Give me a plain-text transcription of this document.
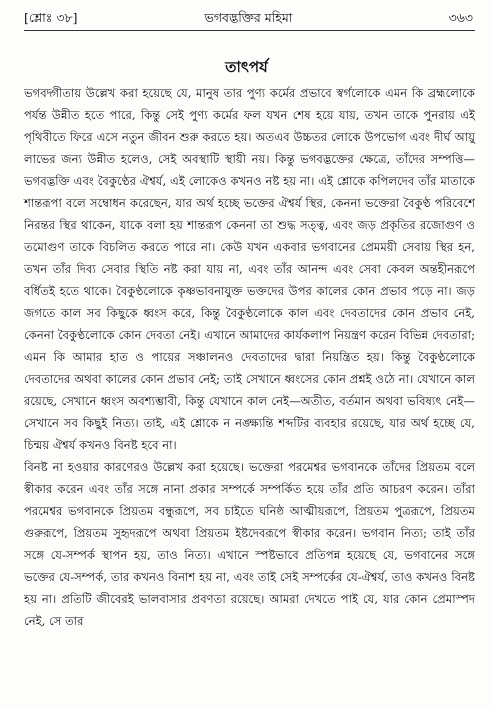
[শ্লোঃ ৩৮]	ভগবদ্ভক্তির মহিমা	৩৬৩
তাৎপর্য

ভগবদ্গীতায় উল্লেখ করা হয়েছে যে, মানুষ তার পুণ্য কর্মের প্রভাবে স্বর্গলোকে এমন কি ব্রহ্মলোকে পর্যন্ত উন্নীত হতে পারে, কিন্তু সেই পুণ্য কর্মের ফল যখন শেষ হয়ে যায়, তখন তাকে পুনরায় এই পৃথিবীতে ফিরে এসে নতুন জীবন শুরু করতে হয়। অতএব উচ্চতর লোকে উপভোগ এবং দীর্ঘ আয়ু লাভের জন্য উন্নীত হলেও, সেই অবস্থাটি স্থায়ী নয়। কিন্তু ভগবদ্ভক্তের ক্ষেত্রে, তাঁদের সম্পত্তি—ভগবদ্ভক্তি এবং বৈকুণ্ঠের ঐশ্বর্য, এই লোকেও কখনও নষ্ট হয় না। এই শ্লোকে কপিলদেব তাঁর মাতাকে শান্তরূপা বলে সম্বোধন করেছেন, যার অর্থ হচ্ছে ভক্তের ঐশ্বর্য স্থির, কেননা ভক্তেরা বৈকুণ্ঠ পরিবেশে নিরন্তর স্থির থাকেন, যাকে বলা হয় শান্তরূপ কেননা তা শুদ্ধ সত্ত্ব, এবং জড় প্রকৃতির রজোগুণ ও তমোগুণ তাকে বিচলিত করতে পারে না। কেউ যখন একবার ভগবানের প্রেমময়ী সেবায় স্থির হন, তখন তাঁর দিব্য সেবার স্থিতি নষ্ট করা যায় না, এবং তাঁর আনন্দ এবং সেবা কেবল অন্তহীনরূপে বর্ধিতই হতে থাকে। বৈকুণ্ঠলোকে কৃষ্ণভাবনাযুক্ত ভক্তদের উপর কালের কোন প্রভাব পড়ে না। জড় জগতে কাল সব কিছুকে ধ্বংস করে, কিন্তু বৈকুণ্ঠলোকে কাল এবং দেবতাদের কোন প্রভাব নেই, কেননা বৈকুণ্ঠলোকে কোন দেবতা নেই। এখানে আমাদের কার্যকলাপ নিয়ন্ত্রণ করেন বিভিন্ন দেবতারা; এমন কি আমার হাত ও পায়ের সঞ্চালনও দেবতাদের দ্বারা নিয়ন্ত্রিত হয়। কিন্তু বৈকুণ্ঠলোকে দেবতাদের অথবা কালের কোন প্রভাব নেই; তাই সেখানে ধ্বংসের কোন প্রশ্নই ওঠে না। যেখানে কাল রয়েছে, সেখানে ধ্বংস অবশ্যম্ভাবী, কিন্তু যেখানে কাল নেই—অতীত, বর্তমান অথবা ভবিষ্যৎ নেই—সেখানে সব কিছুই নিত্য। তাই, এই শ্লোকে ন নঙ্ক্ষ্যন্তি শব্দটির ব্যবহার রয়েছে, যার অর্থ হচ্ছে যে, চিন্ময় ঐশ্বর্য কখনও বিনষ্ট হবে না।

বিনষ্ট না হওয়ার কারণেরও উল্লেখ করা হয়েছে। ভক্তেরা পরমেশ্বর ভগবানকে তাঁদের প্রিয়তম বলে স্বীকার করেন এবং তাঁর সঙ্গে নানা প্রকার সম্পর্কে সম্পর্কিত হয়ে তাঁর প্রতি আচরণ করেন। তাঁরা পরমেশ্বর ভগবানকে প্রিয়তম বন্ধুরূপে, সব চাইতে ঘনিষ্ঠ আত্মীয়রূপে, প্রিয়তম পুত্ররূপে, প্রিয়তম গুরুরূপে, প্রিয়তম সুহৃদরূপে অথবা প্রিয়তম ইষ্টদেবরূপে স্বীকার করেন। ভগবান নিত্য; তাই তাঁর সঙ্গে যে-সম্পর্ক স্থাপন হয়, তাও নিত্য। এখানে স্পষ্টভাবে প্রতিপন্ন হয়েছে যে, ভগবানের সঙ্গে ভক্তের যে-সম্পর্ক, তার কখনও বিনাশ হয় না, এবং তাই সেই সম্পর্কের যে-ঐশ্বর্য, তাও কখনও বিনষ্ট হয় না। প্রতিটি জীবেরই ভালবাসার প্রবণতা রয়েছে। আমরা দেখতে পাই যে, যার কোন প্রেমাস্পদ নেই, সে তার
